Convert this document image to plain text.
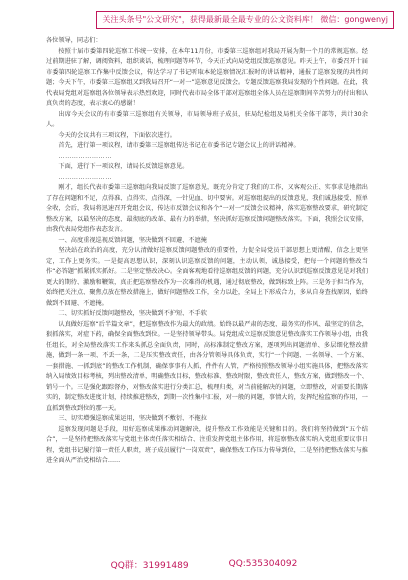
关注头条号"公文研究"，获得最新最全最专业的公文资料库！ 微信：gongwenyj

各位领导，同志们：

按照十届市委第四轮巡察工作统一安排，在本年11月份，市委第三巡察组对我局开展为期一个月的常规巡察。经过前期进驻了解，调阅资料，组织谈话，梳理问题等环节，今天正式向局党组反馈巡察意见。昨天上午，市委召开十届市委第四轮巡察工作集中反馈会议，传达学习了书记听取本轮巡察情况汇报时的讲话精神，通报了巡察发现的共性问题；今天下午，市委第三巡察组又到我局召开“一对一”巡察意见反馈会。专题反馈巡察我局发现的个性问题。在此，我代表局党组对巡察组各位领导表示热烈欢迎，同时代表市局全体干部对巡察组全体人员在巡察期间辛苦努力的付出和认真负责的态度，表示衷心的感谢！

出席今天会议的有市委第三巡察组有关领导，市局领导班子成员，驻局纪检组及局机关全体干部等，共计30余人。

今天的会议共有三项议程，下面依次进行。

首先，进行第一项议程，请市委第三巡察组传达书记在市委书记专题会议上的讲话精神。

……………………

下面，进行下一项议程，请局长反馈巡察意见。

……………………

刚才，组长代表市委第三巡察组向我局反馈了巡察意见，既充分肯定了我们的工作，又客观公正、实事求是地指出了存在问题和不足，点得准、点得实、点得深，一针见血、切中要害。对巡察组提出的反馈意见，我们诚恳接受、照单全收，会后，我局将迅速召开党组会议，传达市反馈会议和各个“一对一”反馈会议精神，落实巡察整改要求，研究制定整改方案，以最坚决的态度、最彻底的改革、最有力的举措，坚决抓好巡察反馈问题整改落实。下面，我照会议安排，由我代表局党组作表态发言。

一、高度重视巡视反馈问题，坚决做到不回避、不遮掩

坚决站在政治的高度，充分认清做好巡察反馈问题整改的重要性，力促全局党员干部思想上更清醒，信念上更坚定，工作上更务实。一是提高思想认识，深刻认识巡察反馈的问题，主动认领，诚恳接受，把每一个问题的整改当作“必答题”抓紧抓实抓好。二是坚定整改决心。全面客观地看待巡察组反馈的问题，充分认识到巡察反馈意见是对我们更大的期待、激励和鞭策，真正把巡察整改作为一次难得的机遇，通过彻底整改，做到标致上阵。三是务于担当作为，始终把关注点、聚焦点放在整改措施上，做好问题整改工作，全力以赴，全局上下形成合力，多从自身查找原因，始终做到不回避、不遮掩。

二、切实抓好反馈问题整改，坚决做到不护短、不手软

认真做好巡察“后半篇文章”，把巡察整改作为最大的政绩。始终以最严肃的态度、最务实的作风、最坚定的信念，狠抓落实，对症下药，确保全面整改到位。一是坚持领导带头。局党组成立巡察反馈意见整改落实工作领导小组，由我任组长，对全局整改落实工作来头抓总全面负责，同时，高标准制定整改方案，逐项列出问题清单、多层细化整改措施，做到一条一项、不丢一条，二是压实整改责任，由各分管领导具体负责，实行“一个问题、一名领导、一个方案、一套措施、一抓到底”的整改工作机制，确保事事有人抓，件件有人管，严格按照整改领导小组实施具体，把整改落实纳入局绩效目标考核，列出整改清单，明确整改目标，整改标准、整改时限，整改责任人，整改方案，做到整改一个、销号一个。三是强化跟踪督办，对整改落实进行分类汇总，梳理归类，对当前能解决的问题，立即整改，对需要长期落实的，制定整改进度计划，持续推进整改，到期一次性集中汇报，对一般的问题，事情大的，发挥纪检监察的作用，一直抓到整改到位的那一天。

三、切实增强巡察成果运用，坚决做到不敷衍、不拖拉

巡察发现问题是手段，用好巡察成果推动问题解决，提升整改工作效能是关键和目的。我们将坚持做到“五个结合”，一是坚持把整改落实与党组主体责任落实相结合、注重发挥党组主体作用，将巡察整改落实纳入党组重要议事日程，党组书记履行第一责任人职责，班子成员履行“一岗双责”，确保整改工作压力传导到位，二是坚持把整改落实与推进全面从严治党相结合……

QQ群：31991489	QQ:535304092
